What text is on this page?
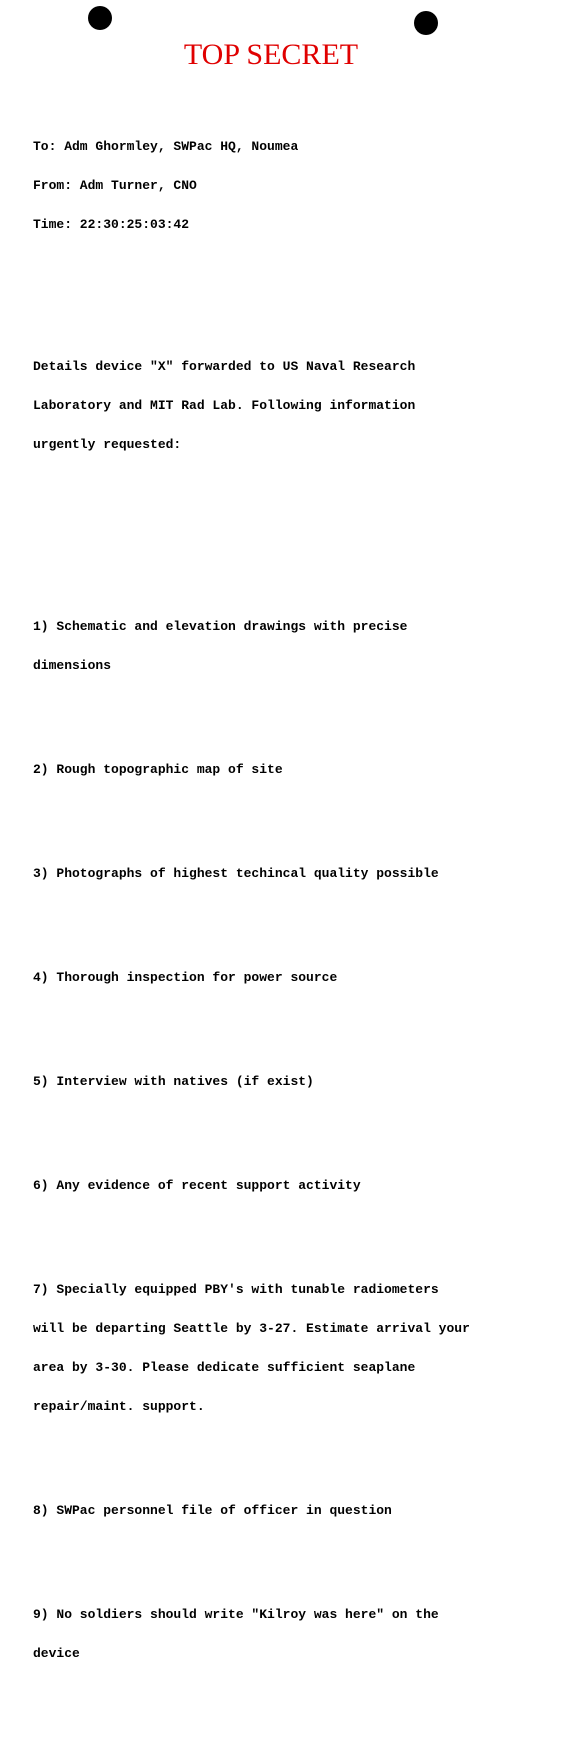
TOP SECRET

To: Adm Ghormley, SWPac HQ, Noumea

From: Adm Turner, CNO

Time: 22:30:25:03:42

Details device "X" forwarded to US Naval Research

Laboratory and MIT Rad Lab. Following information

urgently requested:

1) Schematic and elevation drawings with precise

dimensions

2) Rough topographic map of site

3) Photographs of highest techincal quality possible

4) Thorough inspection for power source

5) Interview with natives (if exist)

6) Any evidence of recent support activity

7) Specially equipped PBY's with tunable radiometers

will be departing Seattle by 3-27. Estimate arrival your

area by 3-30. Please dedicate sufficient seaplane

repair/maint. support.

8) SWPac personnel file of officer in question

9) No soldiers should write "Kilroy was here" on the

device
